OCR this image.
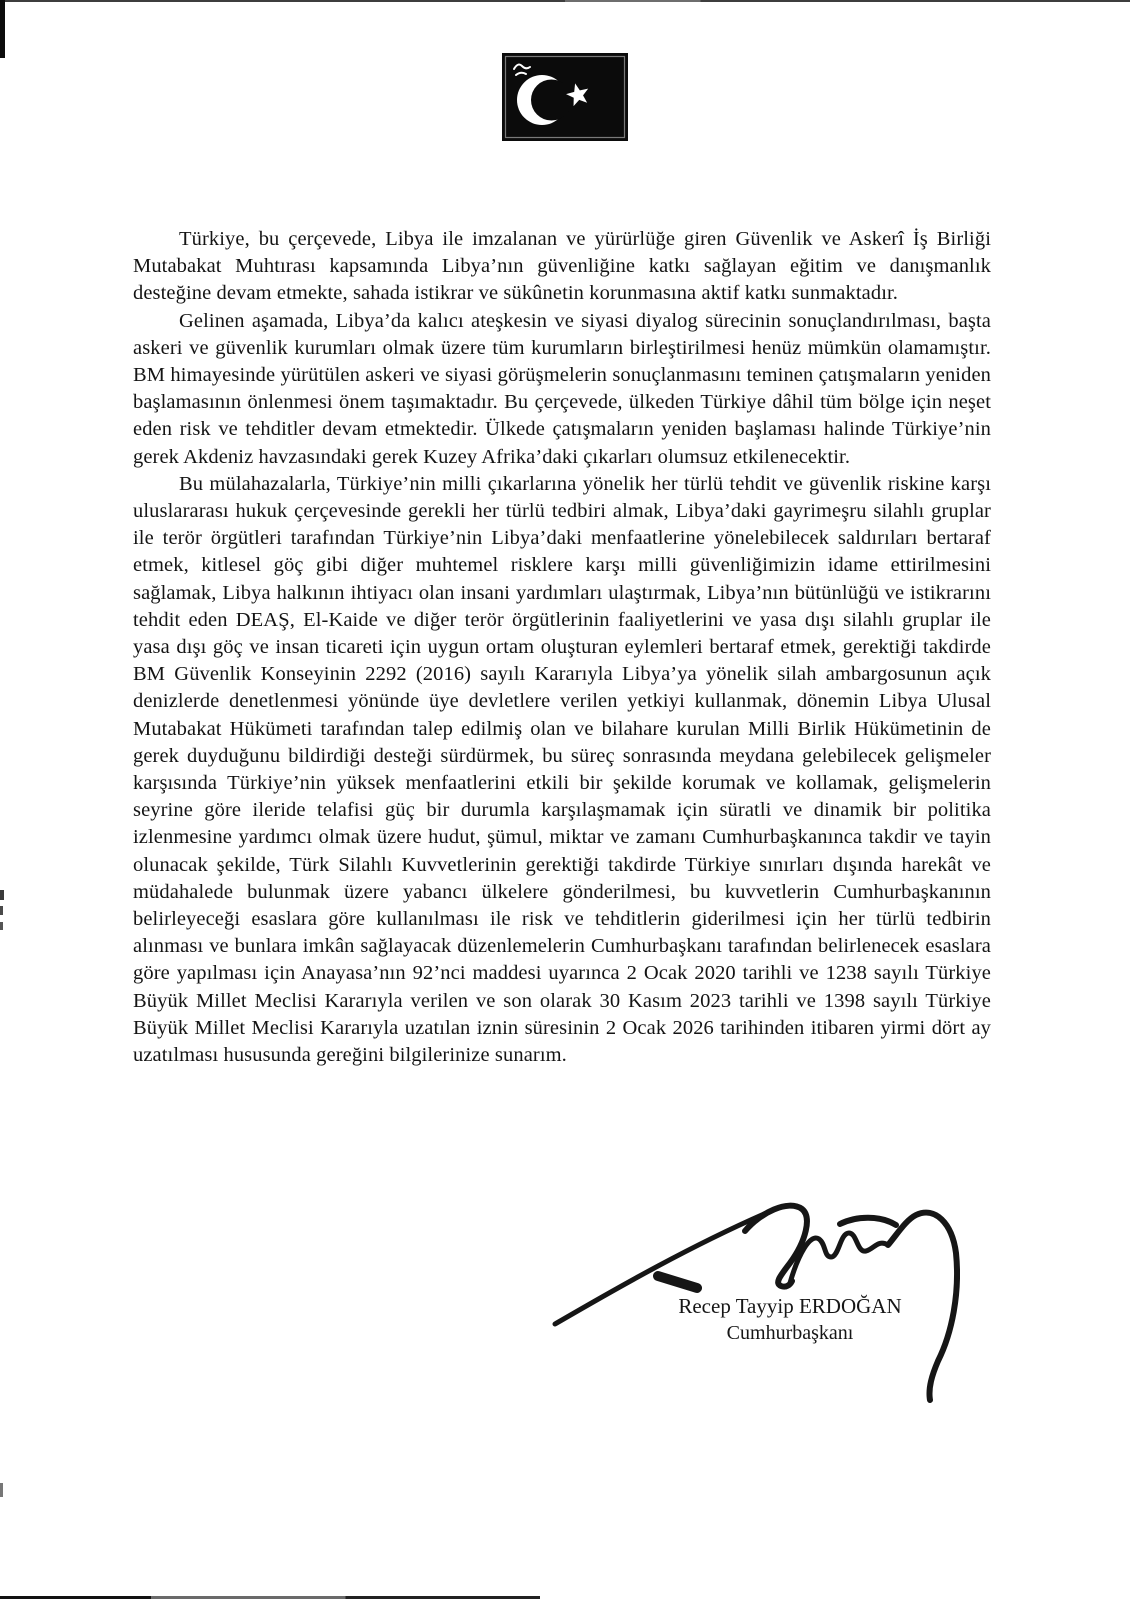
Türkiye, bu çerçevede, Libya ile imzalanan ve yürürlüğe giren Güvenlik ve Askerî İş Birliği Mutabakat Muhtırası kapsamında Libya’nın güvenliğine katkı sağlayan eğitim ve danışmanlık desteğine devam etmekte, sahada istikrar ve sükûnetin korunmasına aktif katkı sunmaktadır.

Gelinen aşamada, Libya’da kalıcı ateşkesin ve siyasi diyalog sürecinin sonuçlandırılması, başta askeri ve güvenlik kurumları olmak üzere tüm kurumların birleştirilmesi henüz mümkün olamamıştır. BM himayesinde yürütülen askeri ve siyasi görüşmelerin sonuçlanmasını teminen çatışmaların yeniden başlamasının önlenmesi önem taşımaktadır. Bu çerçevede, ülkeden Türkiye dâhil tüm bölge için neşet eden risk ve tehditler devam etmektedir. Ülkede çatışmaların yeniden başlaması halinde Türkiye’nin gerek Akdeniz havzasındaki gerek Kuzey Afrika’daki çıkarları olumsuz etkilenecektir.

Bu mülahazalarla, Türkiye’nin milli çıkarlarına yönelik her türlü tehdit ve güvenlik riskine karşı uluslararası hukuk çerçevesinde gerekli her türlü tedbiri almak, Libya’daki gayrimeşru silahlı gruplar ile terör örgütleri tarafından Türkiye’nin Libya’daki menfaatlerine yönelebilecek saldırıları bertaraf etmek, kitlesel göç gibi diğer muhtemel risklere karşı milli güvenliğimizin idame ettirilmesini sağlamak, Libya halkının ihtiyacı olan insani yardımları ulaştırmak, Libya’nın bütünlüğü ve istikrarını tehdit eden DEAŞ, El-Kaide ve diğer terör örgütlerinin faaliyetlerini ve yasa dışı silahlı gruplar ile yasa dışı göç ve insan ticareti için uygun ortam oluşturan eylemleri bertaraf etmek, gerektiği takdirde BM Güvenlik Konseyinin 2292 (2016) sayılı Kararıyla Libya’ya yönelik silah ambargosunun açık denizlerde denetlenmesi yönünde üye devletlere verilen yetkiyi kullanmak, dönemin Libya Ulusal Mutabakat Hükümeti tarafından talep edilmiş olan ve bilahare kurulan Milli Birlik Hükümetinin de gerek duyduğunu bildirdiği desteği sürdürmek, bu süreç sonrasında meydana gelebilecek gelişmeler karşısında Türkiye’nin yüksek menfaatlerini etkili bir şekilde korumak ve kollamak, gelişmelerin seyrine göre ileride telafisi güç bir durumla karşılaşmamak için süratli ve dinamik bir politika izlenmesine yardımcı olmak üzere hudut, şümul, miktar ve zamanı Cumhurbaşkanınca takdir ve tayin olunacak şekilde, Türk Silahlı Kuvvetlerinin gerektiği takdirde Türkiye sınırları dışında harekât ve müdahalede bulunmak üzere yabancı ülkelere gönderilmesi, bu kuvvetlerin Cumhurbaşkanının belirleyeceği esaslara göre kullanılması ile risk ve tehditlerin giderilmesi için her türlü tedbirin alınması ve bunlara imkân sağlayacak düzenlemelerin Cumhurbaşkanı tarafından belirlenecek esaslara göre yapılması için Anayasa’nın 92’nci maddesi uyarınca 2 Ocak 2020 tarihli ve 1238 sayılı Türkiye Büyük Millet Meclisi Kararıyla verilen ve son olarak 30 Kasım 2023 tarihli ve 1398 sayılı Türkiye Büyük Millet Meclisi Kararıyla uzatılan iznin süresinin 2 Ocak 2026 tarihinden itibaren yirmi dört ay uzatılması hususunda gereğini bilgilerinize sunarım.

Recep Tayyip ERDOĞAN
Cumhurbaşkanı
